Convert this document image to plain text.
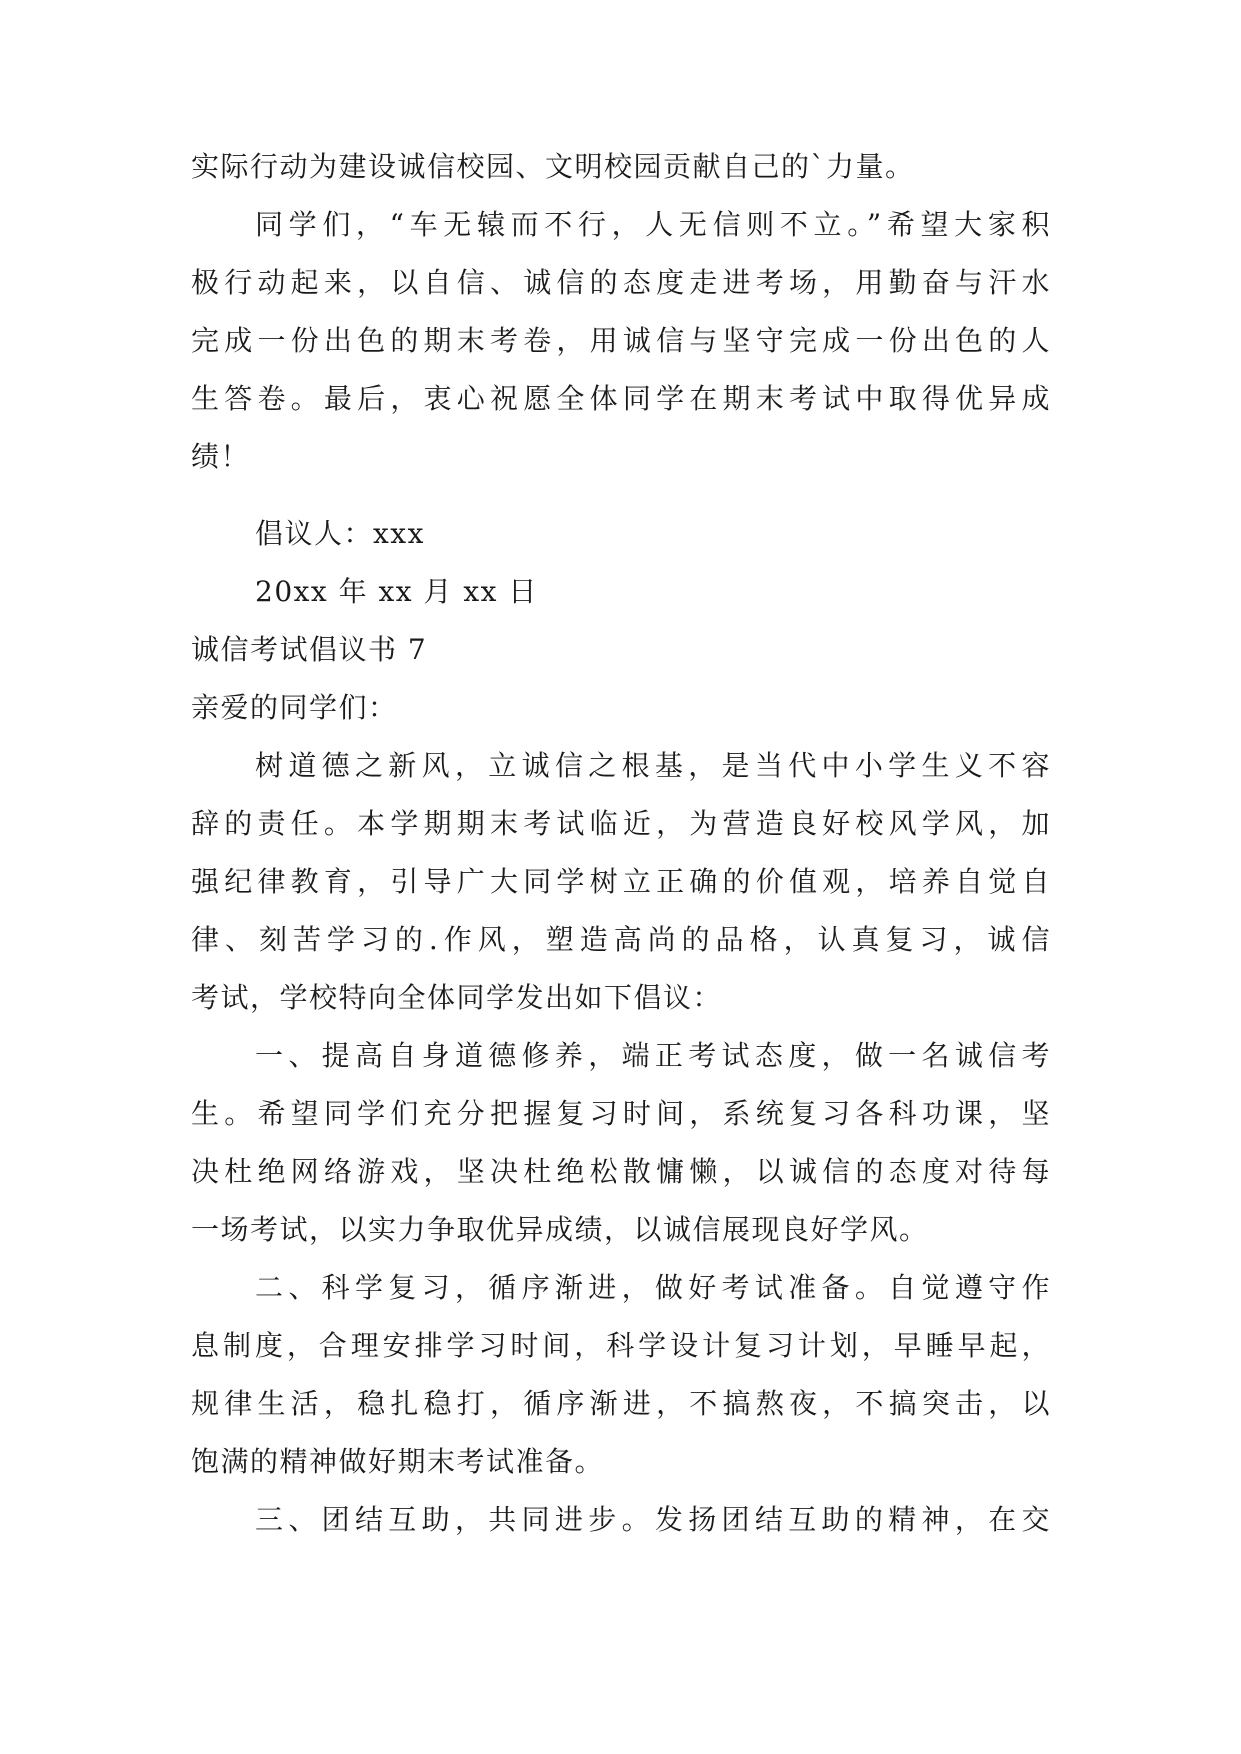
实际行动为建设诚信校园、文明校园贡献自己的`力量。
同学们，“车无辕而不行，人无信则不立。”希望大家积
极行动起来，以自信、诚信的态度走进考场，用勤奋与汗水
完成一份出色的期末考卷，用诚信与坚守完成一份出色的人
生答卷。最后，衷心祝愿全体同学在期末考试中取得优异成
绩！
倡议人：xxx
20xx 年 xx 月 xx 日
诚信考试倡议书 7
亲爱的同学们：
树道德之新风，立诚信之根基，是当代中小学生义不容
辞的责任。本学期期末考试临近，为营造良好校风学风，加
强纪律教育，引导广大同学树立正确的价值观，培养自觉自
律、刻苦学习的.作风，塑造高尚的品格，认真复习，诚信
考试，学校特向全体同学发出如下倡议：
一、提高自身道德修养，端正考试态度，做一名诚信考
生。希望同学们充分把握复习时间，系统复习各科功课，坚
决杜绝网络游戏，坚决杜绝松散慵懒，以诚信的态度对待每
一场考试，以实力争取优异成绩，以诚信展现良好学风。
二、科学复习，循序渐进，做好考试准备。自觉遵守作
息制度，合理安排学习时间，科学设计复习计划，早睡早起，
规律生活，稳扎稳打，循序渐进，不搞熬夜，不搞突击，以
饱满的精神做好期末考试准备。
三、团结互助，共同进步。发扬团结互助的精神，在交
